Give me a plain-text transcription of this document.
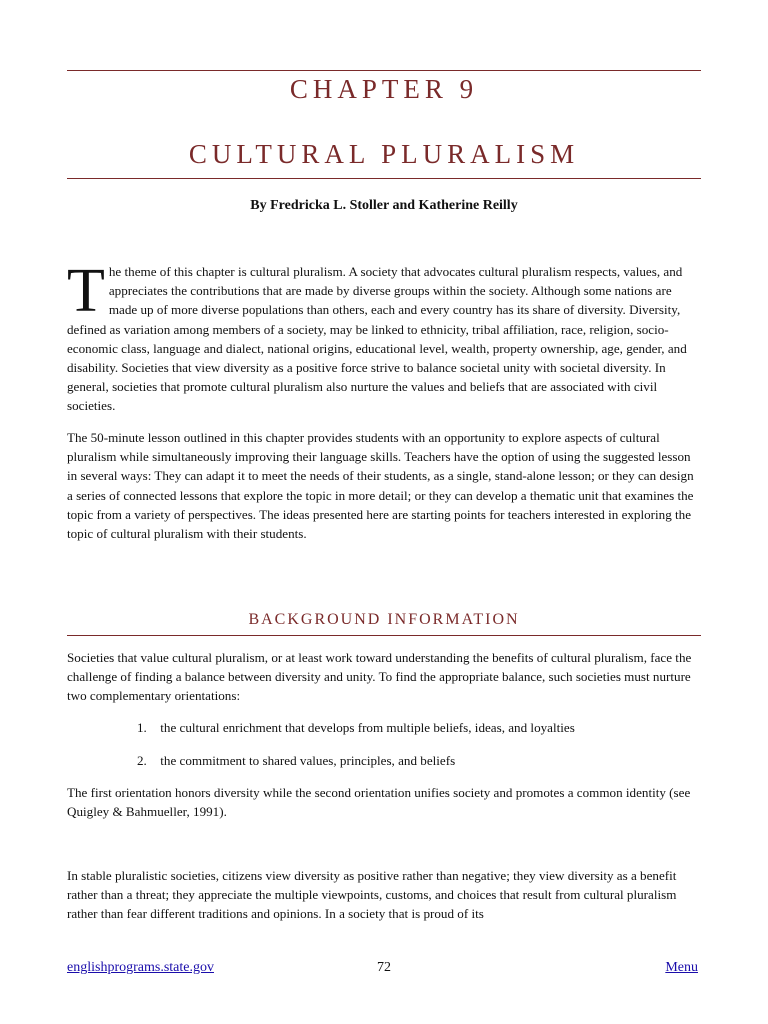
CHAPTER 9
CULTURAL PLURALISM
By Fredricka L. Stoller and Katherine Reilly

The theme of this chapter is cultural pluralism. A society that advocates cultural pluralism respects, values, and appreciates the contributions that are made by diverse groups within the society. Although some nations are made up of more diverse populations than others, each and every country has its share of diversity. Diversity, defined as variation among members of a society, may be linked to ethnicity, tribal affiliation, race, religion, socio-economic class, language and dialect, national origins, educational level, wealth, property ownership, age, gender, and disability. Societies that view diversity as a positive force strive to balance societal unity with societal diversity. In general, societies that promote cultural pluralism also nurture the values and beliefs that are associated with civil societies.

The 50-minute lesson outlined in this chapter provides students with an opportunity to explore aspects of cultural pluralism while simultaneously improving their language skills. Teachers have the option of using the suggested lesson in several ways: They can adapt it to meet the needs of their students, as a single, stand-alone lesson; or they can design a series of connected lessons that explore the topic in more detail; or they can develop a thematic unit that examines the topic from a variety of perspectives. The ideas presented here are starting points for teachers interested in exploring the topic of cultural pluralism with their students.

BACKGROUND INFORMATION

Societies that value cultural pluralism, or at least work toward understanding the benefits of cultural pluralism, face the challenge of finding a balance between diversity and unity. To find the appropriate balance, such societies must nurture two complementary orientations:

1. the cultural enrichment that develops from multiple beliefs, ideas, and loyalties
2. the commitment to shared values, principles, and beliefs

The first orientation honors diversity while the second orientation unifies society and promotes a common identity (see Quigley & Bahmueller, 1991).

In stable pluralistic societies, citizens view diversity as positive rather than negative; they view diversity as a benefit rather than a threat; they appreciate the multiple viewpoints, customs, and choices that result from cultural pluralism rather than fear different traditions and opinions. In a society that is proud of its

englishprograms.state.gov	72	Menu
